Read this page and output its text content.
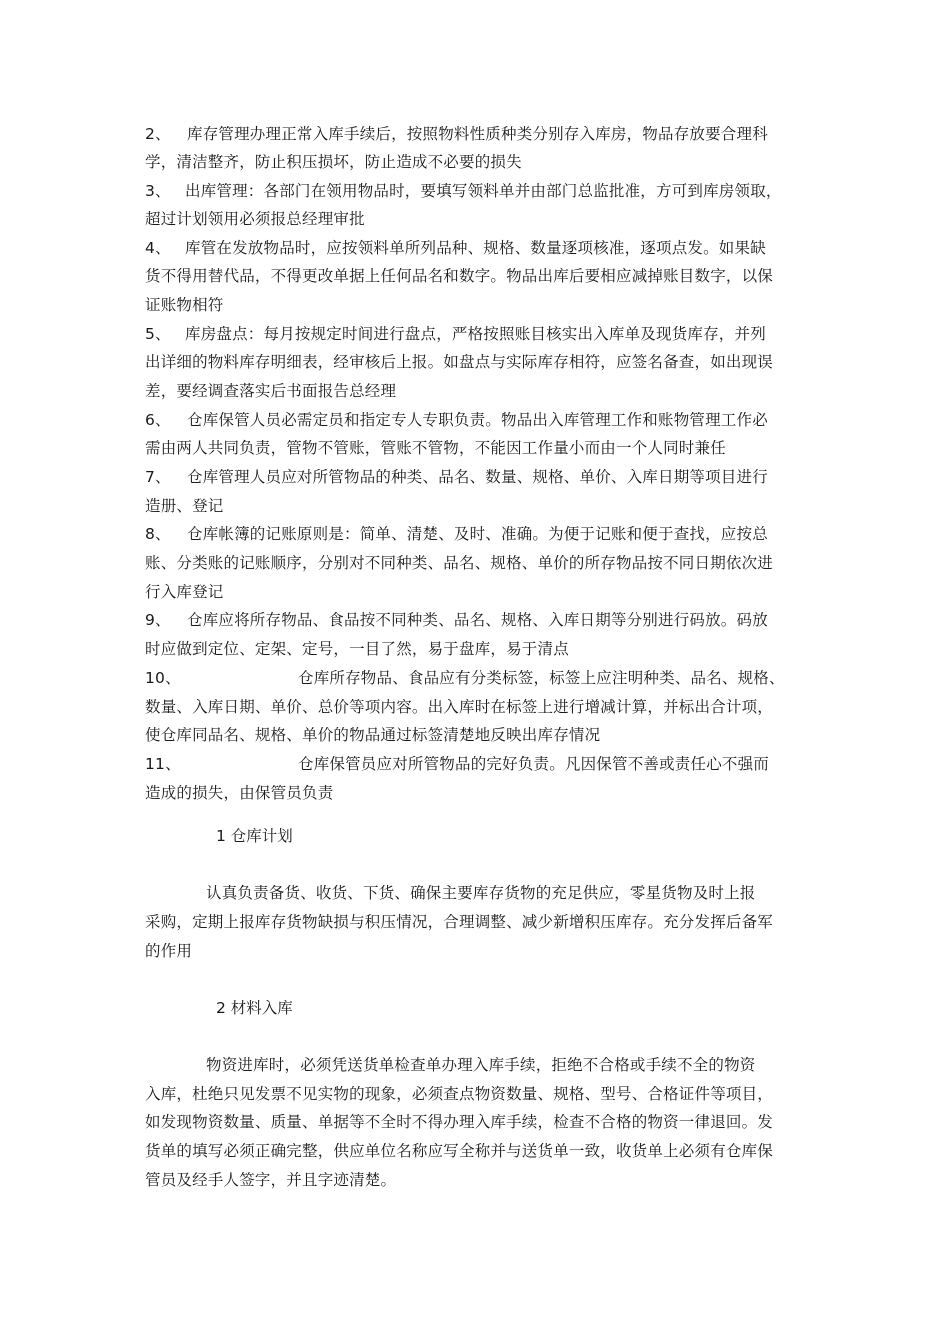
2、 库存管理办理正常入库手续后，按照物料性质种类分别存入库房，物品存放要合理科
学，清洁整齐，防止积压损坏，防止造成不必要的损失
3、 出库管理：各部门在领用物品时，要填写领料单并由部门总监批准，方可到库房领取，
超过计划领用必须报总经理审批
4、 库管在发放物品时，应按领料单所列品种、规格、数量逐项核准，逐项点发。如果缺
货不得用替代品，不得更改单据上任何品名和数字。物品出库后要相应减掉账目数字，以保
证账物相符
5、 库房盘点：每月按规定时间进行盘点，严格按照账目核实出入库单及现货库存，并列
出详细的物料库存明细表，经审核后上报。如盘点与实际库存相符，应签名备查，如出现误
差，要经调查落实后书面报告总经理
6、 仓库保管人员必需定员和指定专人专职负责。物品出入库管理工作和账物管理工作必
需由两人共同负责，管物不管账，管账不管物，不能因工作量小而由一个人同时兼任
7、 仓库管理人员应对所管物品的种类、品名、数量、规格、单价、入库日期等项目进行
造册、登记
8、 仓库帐簿的记账原则是：简单、清楚、及时、准确。为便于记账和便于查找，应按总
账、分类账的记账顺序，分别对不同种类、品名、规格、单价的所存物品按不同日期依次进
行入库登记
9、 仓库应将所存物品、食品按不同种类、品名、规格、入库日期等分别进行码放。码放
时应做到定位、定架、定号，一目了然，易于盘库，易于清点
10、	仓库所存物品、食品应有分类标签，标签上应注明种类、品名、规格、
数量、入库日期、单价、总价等项内容。出入库时在标签上进行增减计算，并标出合计项，
使仓库同品名、规格、单价的物品通过标签清楚地反映出库存情况
11、	仓库保管员应对所管物品的完好负责。凡因保管不善或责任心不强而
造成的损失，由保管员负责
1 仓库计划
认真负责备货、收货、下货、确保主要库存货物的充足供应，零星货物及时上报
采购，定期上报库存货物缺损与积压情况，合理调整、减少新增积压库存。充分发挥后备军
的作用
2 材料入库
物资进库时，必须凭送货单检查单办理入库手续，拒绝不合格或手续不全的物资
入库，杜绝只见发票不见实物的现象，必须查点物资数量、规格、型号、合格证件等项目，
如发现物资数量、质量、单据等不全时不得办理入库手续，检查不合格的物资一律退回。发
货单的填写必须正确完整，供应单位名称应写全称并与送货单一致，收货单上必须有仓库保
管员及经手人签字，并且字迹清楚。
